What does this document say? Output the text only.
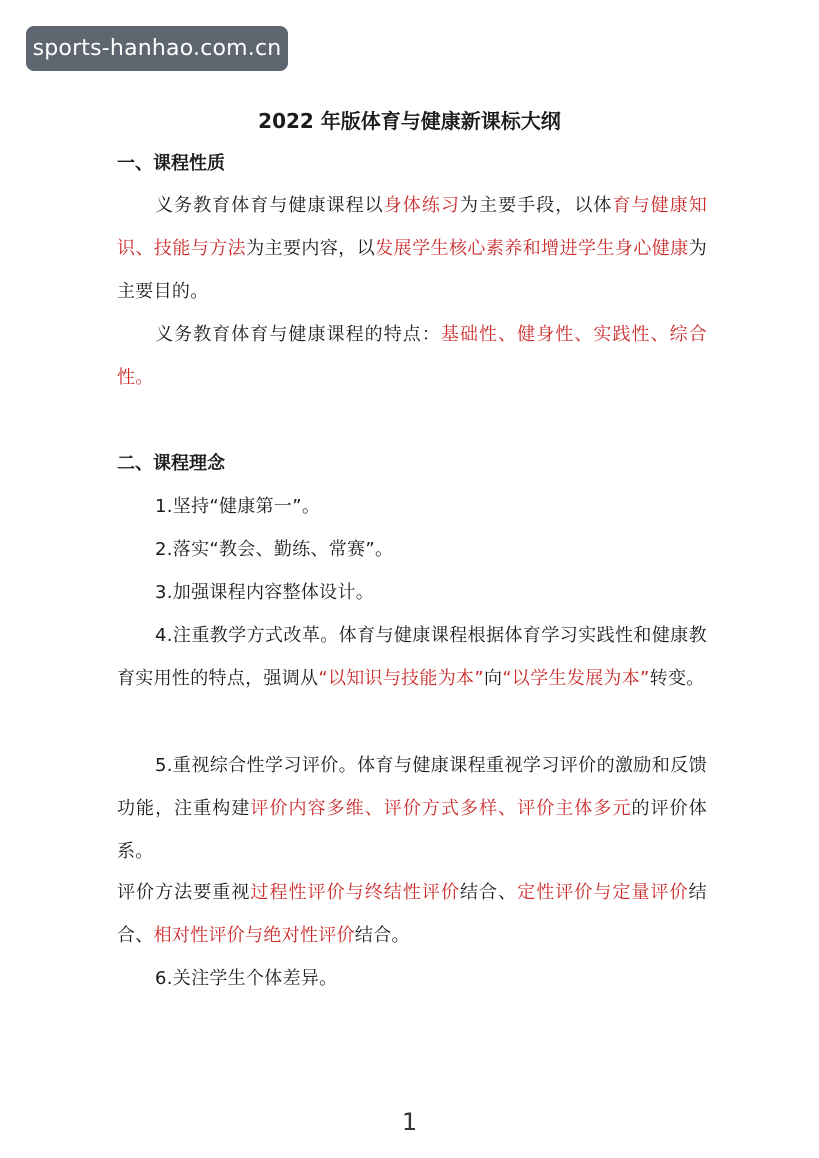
sports-hanhao.com.cn
2022 年版体育与健康新课标大纲
一、课程性质

义务教育体育与健康课程以身体练习为主要手段，以体育与健康知识、技能与方法为主要内容，以发展学生核心素养和增进学生身心健康为主要目的。

义务教育体育与健康课程的特点：基础性、健身性、实践性、综合性。

二、课程理念

1.坚持“健康第一”。

2.落实“教会、勤练、常赛”。

3.加强课程内容整体设计。

4.注重教学方式改革。体育与健康课程根据体育学习实践性和健康教育实用性的特点，强调从“以知识与技能为本”向“以学生发展为本”转变。

5.重视综合性学习评价。体育与健康课程重视学习评价的激励和反馈功能，注重构建评价内容多维、评价方式多样、评价主体多元的评价体系。

评价方法要重视过程性评价与终结性评价结合、定性评价与定量评价结合、相对性评价与绝对性评价结合。

6.关注学生个体差异。

1
